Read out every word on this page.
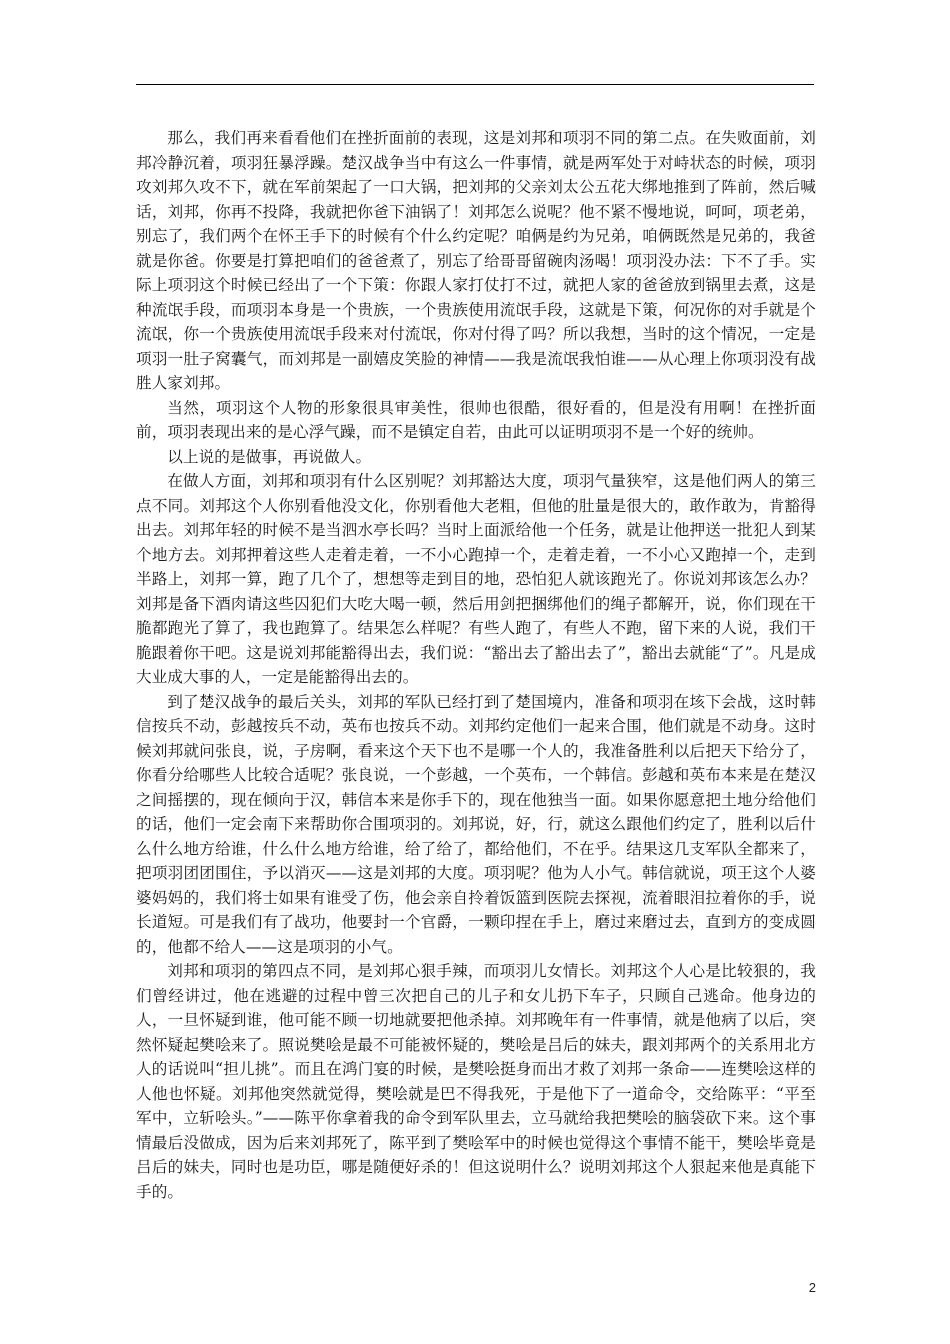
那么，我们再来看看他们在挫折面前的表现，这是刘邦和项羽不同的第二点。在失败面前，刘邦冷静沉着，项羽狂暴浮躁。楚汉战争当中有这么一件事情，就是两军处于对峙状态的时候，项羽攻刘邦久攻不下，就在军前架起了一口大锅，把刘邦的父亲刘太公五花大绑地推到了阵前，然后喊话，刘邦，你再不投降，我就把你爸下油锅了！刘邦怎么说呢？他不紧不慢地说，呵呵，项老弟，别忘了，我们两个在怀王手下的时候有个什么约定呢？咱俩是约为兄弟，咱俩既然是兄弟的，我爸就是你爸。你要是打算把咱们的爸爸煮了，别忘了给哥哥留碗肉汤喝！项羽没办法：下不了手。实际上项羽这个时候已经出了一个下策：你跟人家打仗打不过，就把人家的爸爸放到锅里去煮，这是种流氓手段，而项羽本身是一个贵族，一个贵族使用流氓手段，这就是下策，何况你的对手就是个流氓，你一个贵族使用流氓手段来对付流氓，你对付得了吗？所以我想，当时的这个情况，一定是项羽一肚子窝囊气，而刘邦是一副嬉皮笑脸的神情——我是流氓我怕谁——从心理上你项羽没有战胜人家刘邦。

当然，项羽这个人物的形象很具审美性，很帅也很酷，很好看的，但是没有用啊！在挫折面前，项羽表现出来的是心浮气躁，而不是镇定自若，由此可以证明项羽不是一个好的统帅。

以上说的是做事，再说做人。

在做人方面，刘邦和项羽有什么区别呢？刘邦豁达大度，项羽气量狭窄，这是他们两人的第三点不同。刘邦这个人你别看他没文化，你别看他大老粗，但他的肚量是很大的，敢作敢为，肯豁得出去。刘邦年轻的时候不是当泗水亭长吗？当时上面派给他一个任务，就是让他押送一批犯人到某个地方去。刘邦押着这些人走着走着，一不小心跑掉一个，走着走着，一不小心又跑掉一个，走到半路上，刘邦一算，跑了几个了，想想等走到目的地，恐怕犯人就该跑光了。你说刘邦该怎么办？刘邦是备下酒肉请这些囚犯们大吃大喝一顿，然后用剑把捆绑他们的绳子都解开，说，你们现在干脆都跑光了算了，我也跑算了。结果怎么样呢？有些人跑了，有些人不跑，留下来的人说，我们干脆跟着你干吧。这是说刘邦能豁得出去，我们说：“豁出去了豁出去了”，豁出去就能“了”。凡是成大业成大事的人，一定是能豁得出去的。

到了楚汉战争的最后关头，刘邦的军队已经打到了楚国境内，准备和项羽在垓下会战，这时韩信按兵不动，彭越按兵不动，英布也按兵不动。刘邦约定他们一起来合围，他们就是不动身。这时候刘邦就问张良，说，子房啊，看来这个天下也不是哪一个人的，我准备胜利以后把天下给分了，你看分给哪些人比较合适呢？张良说，一个彭越，一个英布，一个韩信。彭越和英布本来是在楚汉之间摇摆的，现在倾向于汉，韩信本来是你手下的，现在他独当一面。如果你愿意把土地分给他们的话，他们一定会南下来帮助你合围项羽的。刘邦说，好，行，就这么跟他们约定了，胜利以后什么什么地方给谁，什么什么地方给谁，给了给了，都给他们，不在乎。结果这几支军队全都来了，把项羽团团围住，予以消灭——这是刘邦的大度。项羽呢？他为人小气。韩信就说，项王这个人婆婆妈妈的，我们将士如果有谁受了伤，他会亲自拎着饭篮到医院去探视，流着眼泪拉着你的手，说长道短。可是我们有了战功，他要封一个官爵，一颗印捏在手上，磨过来磨过去，直到方的变成圆的，他都不给人——这是项羽的小气。

刘邦和项羽的第四点不同，是刘邦心狠手辣，而项羽儿女情长。刘邦这个人心是比较狠的，我们曾经讲过，他在逃避的过程中曾三次把自己的儿子和女儿扔下车子，只顾自己逃命。他身边的人，一旦怀疑到谁，他可能不顾一切地就要把他杀掉。刘邦晚年有一件事情，就是他病了以后，突然怀疑起樊哙来了。照说樊哙是最不可能被怀疑的，樊哙是吕后的妹夫，跟刘邦两个的关系用北方人的话说叫“担儿挑”。而且在鸿门宴的时候，是樊哙挺身而出才救了刘邦一条命——连樊哙这样的人他也怀疑。刘邦他突然就觉得，樊哙就是巴不得我死，于是他下了一道命令，交给陈平：“平至军中，立斩哙头。”——陈平你拿着我的命令到军队里去，立马就给我把樊哙的脑袋砍下来。这个事情最后没做成，因为后来刘邦死了，陈平到了樊哙军中的时候也觉得这个事情不能干，樊哙毕竟是吕后的妹夫，同时也是功臣，哪是随便好杀的！但这说明什么？说明刘邦这个人狠起来他是真能下手的。

2
